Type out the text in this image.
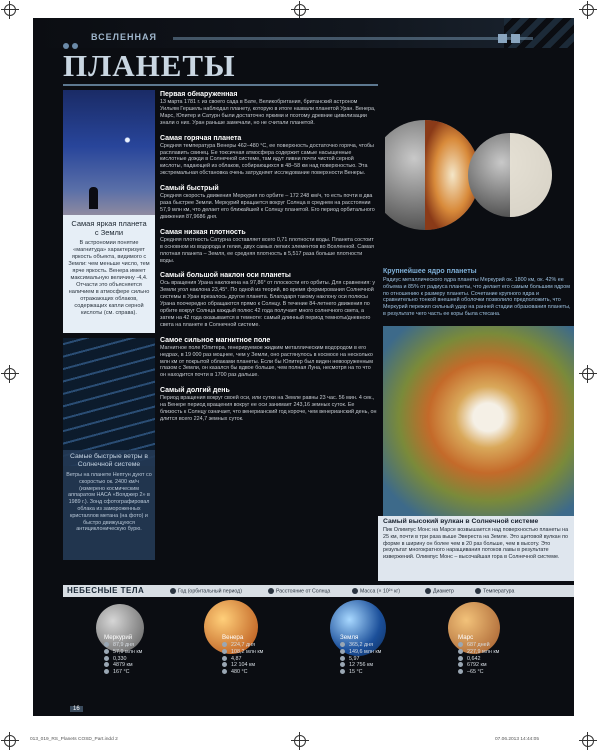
ВСЕЛЕННАЯ
ПЛАНЕТЫ
Самая яркая планета с Земли
В астрономии понятие «магнитуда» характеризует яркость объекта, видимого с Земли: чем меньше число, тем ярче яркость. Венера имеет максимальную величину -4,4. Отчасти это объясняется наличием в атмосфере сильно отражающих облаков, содержащих капли серной кислоты (см. справа).
Самые быстрые ветры в Солнечной системе
Ветры на планете Нептун дуют со скоростью ок. 2400 км/ч (измерено космическим аппаратом НАСА «Вояджер 2» в 1989 г.). Зонд сфотографировал облака из замороженных кристаллов метана (на фото) и быстро движущуюся антициклоническую бурю.
Первая обнаруженная
13 марта 1781 г. из своего сада в Бате, Великобритания, британский астроном Уильям Гершель наблюдал планету, которую в итоге назвали планетой Уран. Венера, Марс, Юпитер и Сатурн были достаточно яркими и поэтому древние цивилизации знали о них. Уран раньше замечали, но не считали планетой.
Самая горячая планета
Средняя температура Венеры 462–480 °С, ее поверхность достаточно горяча, чтобы расплавить свинец. Ее токсичная атмосфера содержит самые насыщенные кислотные дожди в Солнечной системе, там идут ливни почти чистой серной кислоты, падающей из облаков, собирающихся в 48–58 км над поверхностью. Эта экстремальная обстановка очень затрудняет исследование поверхности Венеры.
Самый быстрый
Средняя скорость движения Меркурия по орбите – 172 248 км/ч, то есть почти в два раза быстрее Земли. Меркурий вращается вокруг Солнца в среднем на расстоянии 57,9 млн км, что делает его ближайшей к Солнцу планетой. Его период орбитального движения 87,9686 дня.
Самая низкая плотность
Средняя плотность Сатурна составляет всего 0,71 плотности воды. Планета состоит в основном из водорода и гелия, двух самых легких элементов во Вселенной. Самая плотная планета – Земля, ее средняя плотность в 5,517 раза больше плотности воды.
Самый большой наклон оси планеты
Ось вращения Урана наклонена на 97,86° от плоскости его орбиты. Для сравнения: у Земли угол наклона 23,45°. По одной из теорий, во время формирования Солнечной системы в Уран врезалось другое планета. Благодаря такому наклону оси полюсы Урана поочередно обращаются прямо к Солнцу. В течение 84-летнего движения по орбите вокруг Солнца каждый полюс 42 года получает много солнечного света, а затем на 42 года оказывается в темноте: самый длинный период темноты/дневного света на планете в Солнечной системе.
Самое сильное магнитное поле
Магнитное поле Юпитера, генерируемое жидким металлическим водородом в его недрах, в 19 000 раз мощнее, чем у Земли, оно растянулось в космосе на несколько млн км от покрытой облаками планеты. Если бы Юпитер был виден невооруженным глазом с Земли, он казался бы вдвое больше, чем полная Луна, несмотря на то что он находится почти в 1700 раз дальше.
Самый долгий день
Период вращения вокруг своей оси, или сутки на Земле равны 23 час. 56 мин. 4 сек., на Венере период вращения вокруг ее оси занимает 243,16 земных суток. Ее близость к Солнцу означает, что венерианский год короче, чем венерианский день, он длится всего 224,7 земных суток.
Крупнейшее ядро планеты
Радиус металлического ядра планеты Меркурий ок. 1800 км, ок. 42% ее объема и 85% от радиуса планеты, что делает его самым большим ядром по отношению к размеру планеты. Сочетание крупного ядра и сравнительно тонкой внешней оболочки позволило предположить, что Меркурий пережил сильный удар на ранней стадии образования планеты, в результате чего часть ее коры была стесана.
Самый высокий вулкан в Солнечной системе
Пик Олимпус Монс на Марсе возвышается над поверхностью планеты на 25 км, почти в три раза выше Эвереста на Земле. Это щитовой вулкан по форме в ширину он более чем в 20 раз больше, чем в высоту. Это результат многократного наращивания потоков лавы в результате извержений. Олимпус Монс – высочайшая гора в Солнечной системе.
НЕБЕСНЫЕ ТЕЛА	Год (орбитальный период)	Расстояние от Солнца	Масса (× 10²⁴ кг)	Диаметр	Температура
Меркурий
87,9 дня
57,9 млн км
0,330
4879 км
167 °С
Венера
224,7 дня
108,2 млн км
4,87
12 104 км
480 °С
Земля
365,2 дня
149,6 млн км
5,97
12 756 км
15 °С
Марс
687 дней
227,9 млн км
0,642
6792 км
–65 °С
16
013_019_RS_Planets COSD_Part.indd 2	07.06.2013 14:44:05
